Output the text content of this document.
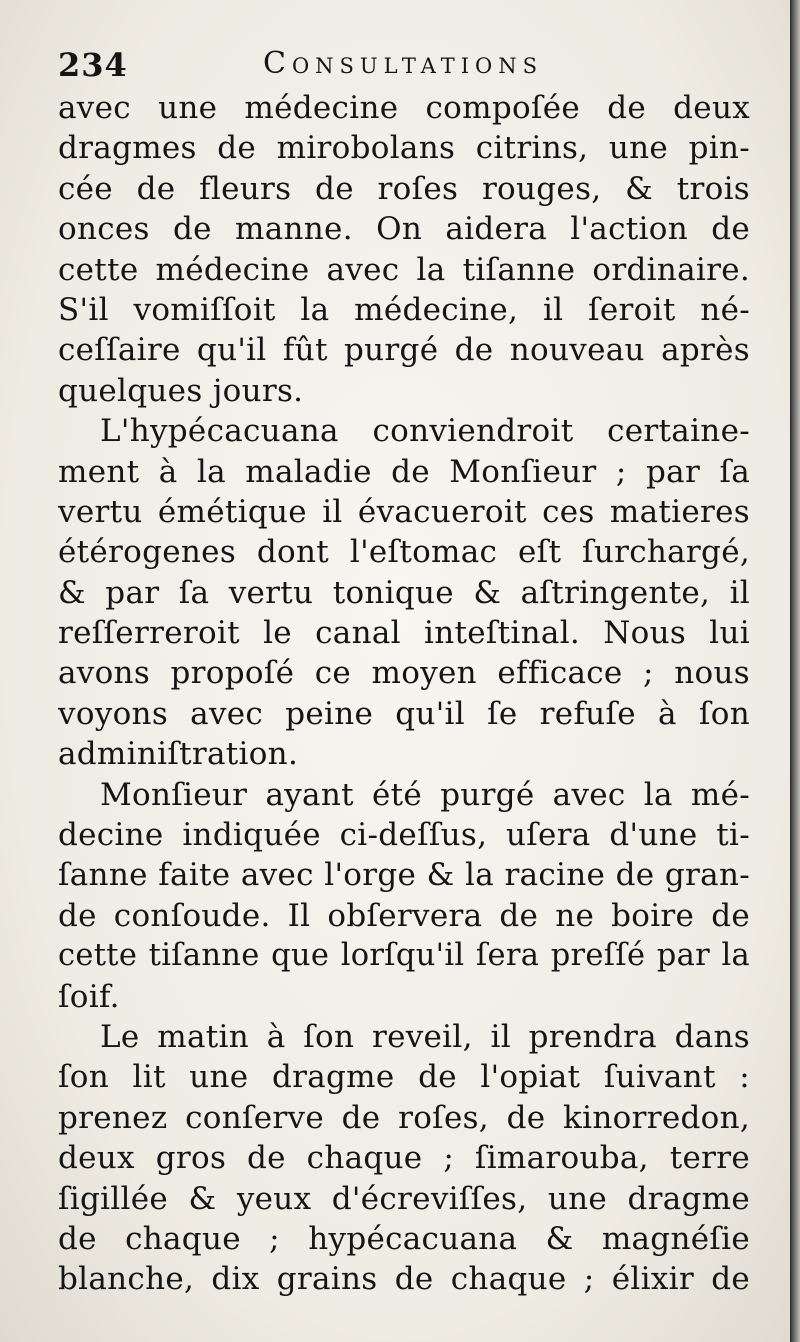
234	Consultations
avec une médecine compoſée de deux
dragmes de mirobolans citrins, une pin-
cée de fleurs de roſes rouges, & trois
onces de manne. On aidera l'action de
cette médecine avec la tiſanne ordinaire.
S'il vomiſſoit la médecine, il ſeroit né-
ceſſaire qu'il fût purgé de nouveau après
quelques jours.
L'hypécacuana conviendroit certaine-
ment à la maladie de Monſieur ; par ſa
vertu émétique il évacueroit ces matieres
étérogenes dont l'eſtomac eſt ſurchargé,
& par ſa vertu tonique & aſtringente, il
reſſerreroit le canal inteſtinal. Nous lui
avons propoſé ce moyen efficace ; nous
voyons avec peine qu'il ſe refuſe à ſon
adminiſtration.
Monſieur ayant été purgé avec la mé-
decine indiquée ci-deſſus, uſera d'une ti-
ſanne faite avec l'orge & la racine de gran-
de conſoude. Il obſervera de ne boire de
cette tiſanne que lorſqu'il ſera preſſé par la
ſoif.
Le matin à ſon reveil, il prendra dans
ſon lit une dragme de l'opiat ſuivant :
prenez conſerve de roſes, de kinorredon,
deux gros de chaque ; ſimarouba, terre
ſigillée & yeux d'écreviſſes, une dragme
de chaque ; hypécacuana & magnéſie
blanche, dix grains de chaque ; élixir de
